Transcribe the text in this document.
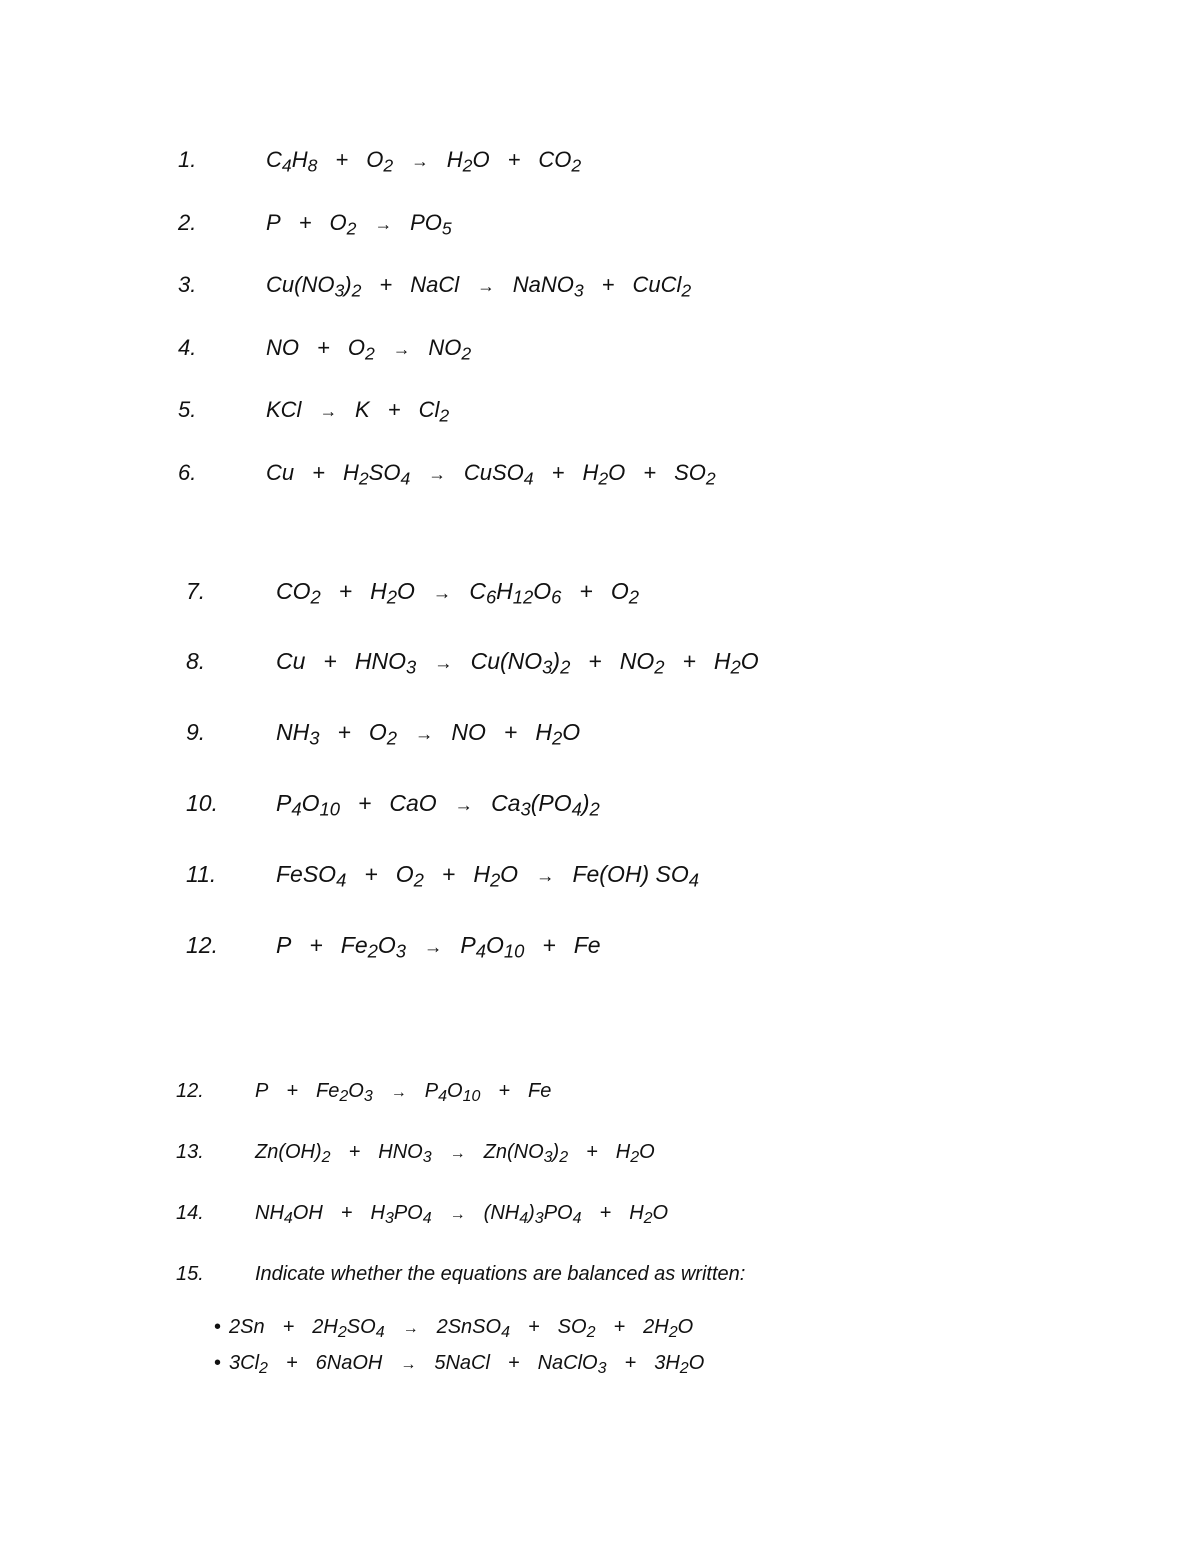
1.	$C_4H_8 + O_2 \to H_2O + CO_2$
2.	$P + O_2 \to PO_5$
3.	$Cu(NO_3)_2$ + NaCl → NaNO$_3$ + CuCl$_2$
4.	NO + $O_2 \to NO_2$
5.	KCl → $K + Cl_2$
6.	$Cu + H_2SO_4$ → CuSO$_4$ + $H_2O + SO_2$
7.	$CO_2 + H_2O \to C_6H_{12}O_6 + O_2$
8.	$Cu + HNO_3 \to Cu(NO_3)_2 + NO_2 + H_2O$
9.	$NH_3 + O_2$ → NO + $H_2O$
10.	$P_4O_{10}$ + CaO → $Ca_3(PO_4)_2$
11.	FeSO$_4$ + $O_2 + H_2O \to Fe(OH)$ $SO_4$
12.	$P + Fe_2O_3 \to P_4O_{10} + Fe$
12.	$P + Fe_2O_3 \to P_4O_{10} + Fe$
13.	$Zn(OH)_2 + HNO_3 \to Zn(NO_3)_2 + H_2O$
14.	$NH_4OH + H_3PO_4 \to (NH_4)_3PO_4 + H_2O$
15.	Indicate whether the equations are balanced as written:
• $2Sn + 2H_2SO_4$ → 2SnSO$_4$ + $SO_2 + 2H_2O$
• $3Cl_2$ + 6NaOH → 5NaCl + NaClO$_3$ + $3H_2O$
